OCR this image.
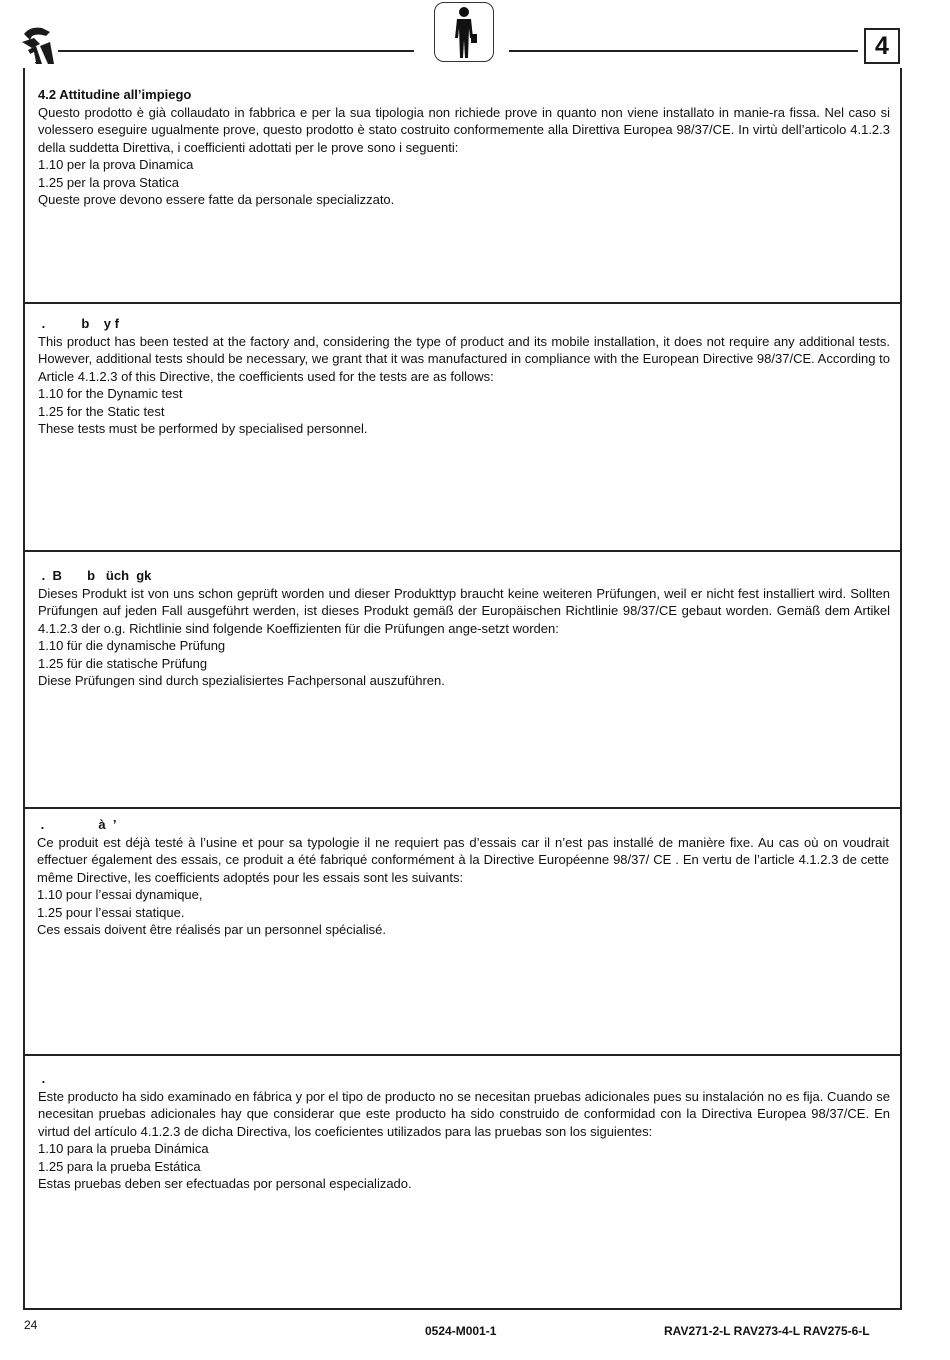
4
4.2 Attitudine all’impiego

Questo prodotto è già collaudato in fabbrica e per la sua tipologia non richiede prove in quanto non viene installato in manie-ra fissa. Nel caso si volessero eseguire ugualmente prove, questo prodotto è stato costruito conformemente alla Direttiva Europea 98/37/CE. In virtù dell’articolo 4.1.2.3 della suddetta Direttiva, i coefficienti adottati per le prove sono i seguenti:

1.10 per la prova Dinamica

1.25 per la prova Statica

Queste prove devono essere fatte da personale specializzato.

.          b    y f

This product has been tested at the factory and, considering the type of product and its mobile installation, it does not require any additional tests. However, additional tests should be necessary, we grant that it was manufactured in compliance with the European Directive 98/37/CE. According to Article 4.1.2.3 of this Directive, the coefficients used for the tests are as follows:

1.10 for the Dynamic test

1.25 for the Static test

These tests must be performed by specialised personnel.

.  B       b   üch  gk

Dieses Produkt ist von uns schon geprüft worden und dieser Produkttyp braucht keine weiteren Prüfungen, weil er nicht fest installiert wird. Sollten Prüfungen auf jeden Fall ausgeführt werden, ist dieses Produkt gemäß der Europäischen Richtlinie 98/37/CE gebaut worden. Gemäß dem Artikel 4.1.2.3 der o.g. Richtlinie sind folgende Koeffizienten für die Prüfungen ange-setzt worden:

1.10 für die dynamische Prüfung

1.25 für die statische Prüfung

Diese Prüfungen sind durch spezialisiertes Fachpersonal auszuführen.

.               à  ’

Ce produit est déjà testé à l’usine et pour sa typologie il ne requiert pas d’essais car il n’est pas installé de manière fixe. Au cas où on voudrait effectuer également des essais, ce produit a été fabriqué conformément à la Directive Européenne 98/37/ CE . En vertu de l’article 4.1.2.3 de cette même Directive, les coefficients adoptés pour les essais sont les suivants:

1.10 pour l’essai dynamique,

1.25 pour l’essai statique.

Ces essais doivent être réalisés par un personnel spécialisé.

.

Este producto ha sido examinado en fábrica y por el tipo de producto no se necesitan pruebas adicionales pues su instalación no es fija. Cuando se necesitan pruebas adicionales hay que considerar que este producto ha sido construido de conformidad con la Directiva Europea 98/37/CE. En virtud del artículo 4.1.2.3 de dicha Directiva, los coeficientes utilizados para las pruebas son los siguientes:

1.10 para la prueba Dinámica

1.25 para la prueba Estática

Estas pruebas deben ser efectuadas por personal especializado.

24	0524-M001-1	RAV271-2-L RAV273-4-L RAV275-6-L
